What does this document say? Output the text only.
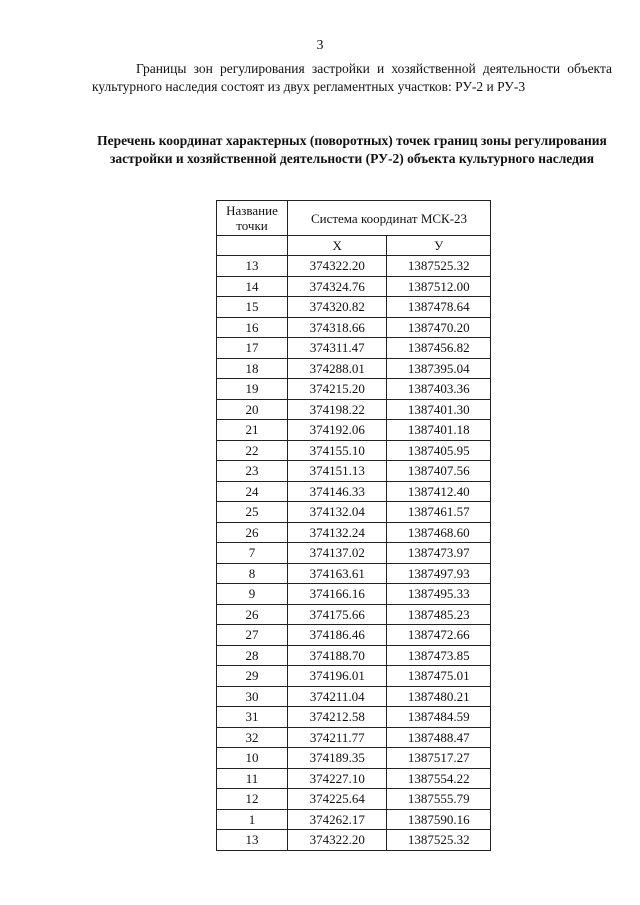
3
Границы зон регулирования застройки и хозяйственной деятельности объекта культурного наследия состоят из двух регламентных участков: РУ-2 и РУ-3
Перечень координат характерных (поворотных) точек границ зоны регулирования застройки и хозяйственной деятельности (РУ-2) объекта культурного наследия
Название точки	Система координат МСК-23	
	X	У
13	374322.20	1387525.32
14	374324.76	1387512.00
15	374320.82	1387478.64
16	374318.66	1387470.20
17	374311.47	1387456.82
18	374288.01	1387395.04
19	374215.20	1387403.36
20	374198.22	1387401.30
21	374192.06	1387401.18
22	374155.10	1387405.95
23	374151.13	1387407.56
24	374146.33	1387412.40
25	374132.04	1387461.57
26	374132.24	1387468.60
7	374137.02	1387473.97
8	374163.61	1387497.93
9	374166.16	1387495.33
26	374175.66	1387485.23
27	374186.46	1387472.66
28	374188.70	1387473.85
29	374196.01	1387475.01
30	374211.04	1387480.21
31	374212.58	1387484.59
32	374211.77	1387488.47
10	374189.35	1387517.27
11	374227.10	1387554.22
12	374225.64	1387555.79
1	374262.17	1387590.16
13	374322.20	1387525.32
